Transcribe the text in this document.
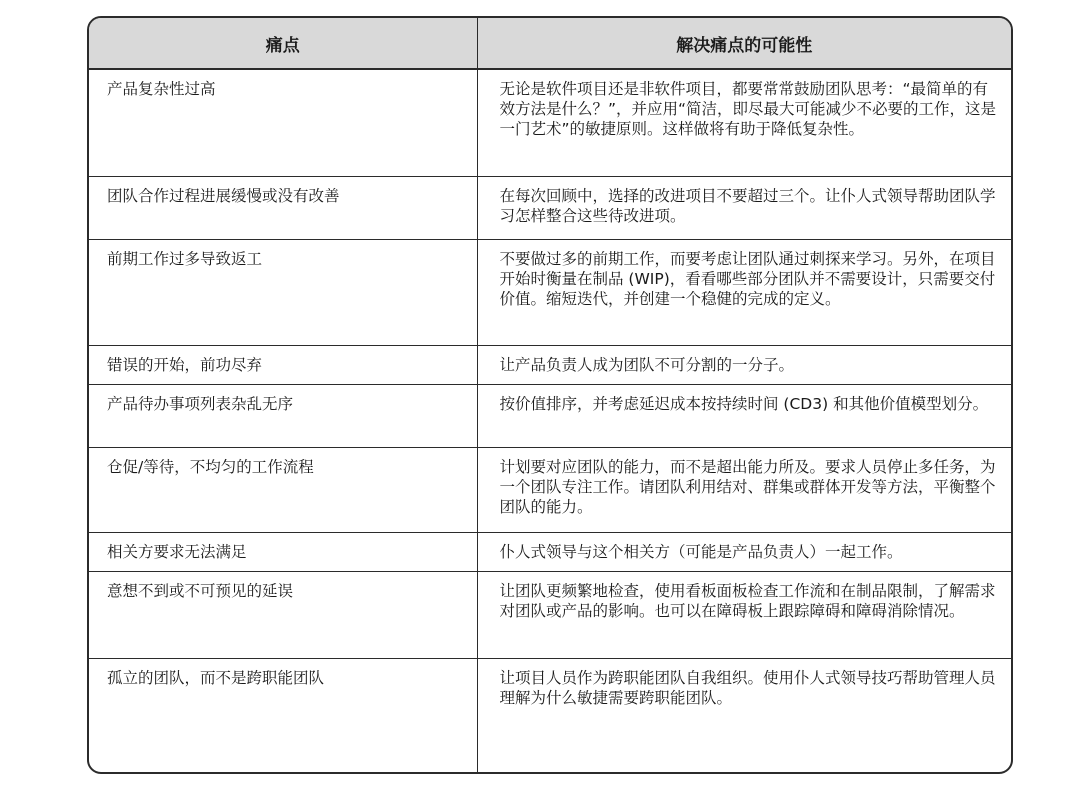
痛点	解决痛点的可能性
产品复杂性过高	无论是软件项目还是非软件项目，都要常常鼓励团队思考：“最简单的有效方法是什么？”，并应用“简洁，即尽最大可能减少不必要的工作，这是一门艺术”的敏捷原则。这样做将有助于降低复杂性。
团队合作过程进展缓慢或没有改善	在每次回顾中，选择的改进项目不要超过三个。让仆人式领导帮助团队学习怎样整合这些待改进项。
前期工作过多导致返工	不要做过多的前期工作，而要考虑让团队通过刺探来学习。另外，在项目开始时衡量在制品 (WIP)，看看哪些部分团队并不需要设计，只需要交付价值。缩短迭代，并创建一个稳健的完成的定义。
错误的开始，前功尽弃	让产品负责人成为团队不可分割的一分子。
产品待办事项列表杂乱无序	按价值排序，并考虑延迟成本按持续时间 (CD3) 和其他价值模型划分。
仓促/等待，不均匀的工作流程	计划要对应团队的能力，而不是超出能力所及。要求人员停止多任务，为一个团队专注工作。请团队利用结对、群集或群体开发等方法，平衡整个团队的能力。
相关方要求无法满足	仆人式领导与这个相关方（可能是产品负责人）一起工作。
意想不到或不可预见的延误	让团队更频繁地检查，使用看板面板检查工作流和在制品限制，了解需求对团队或产品的影响。也可以在障碍板上跟踪障碍和障碍消除情况。
孤立的团队，而不是跨职能团队	让项目人员作为跨职能团队自我组织。使用仆人式领导技巧帮助管理人员理解为什么敏捷需要跨职能团队。
